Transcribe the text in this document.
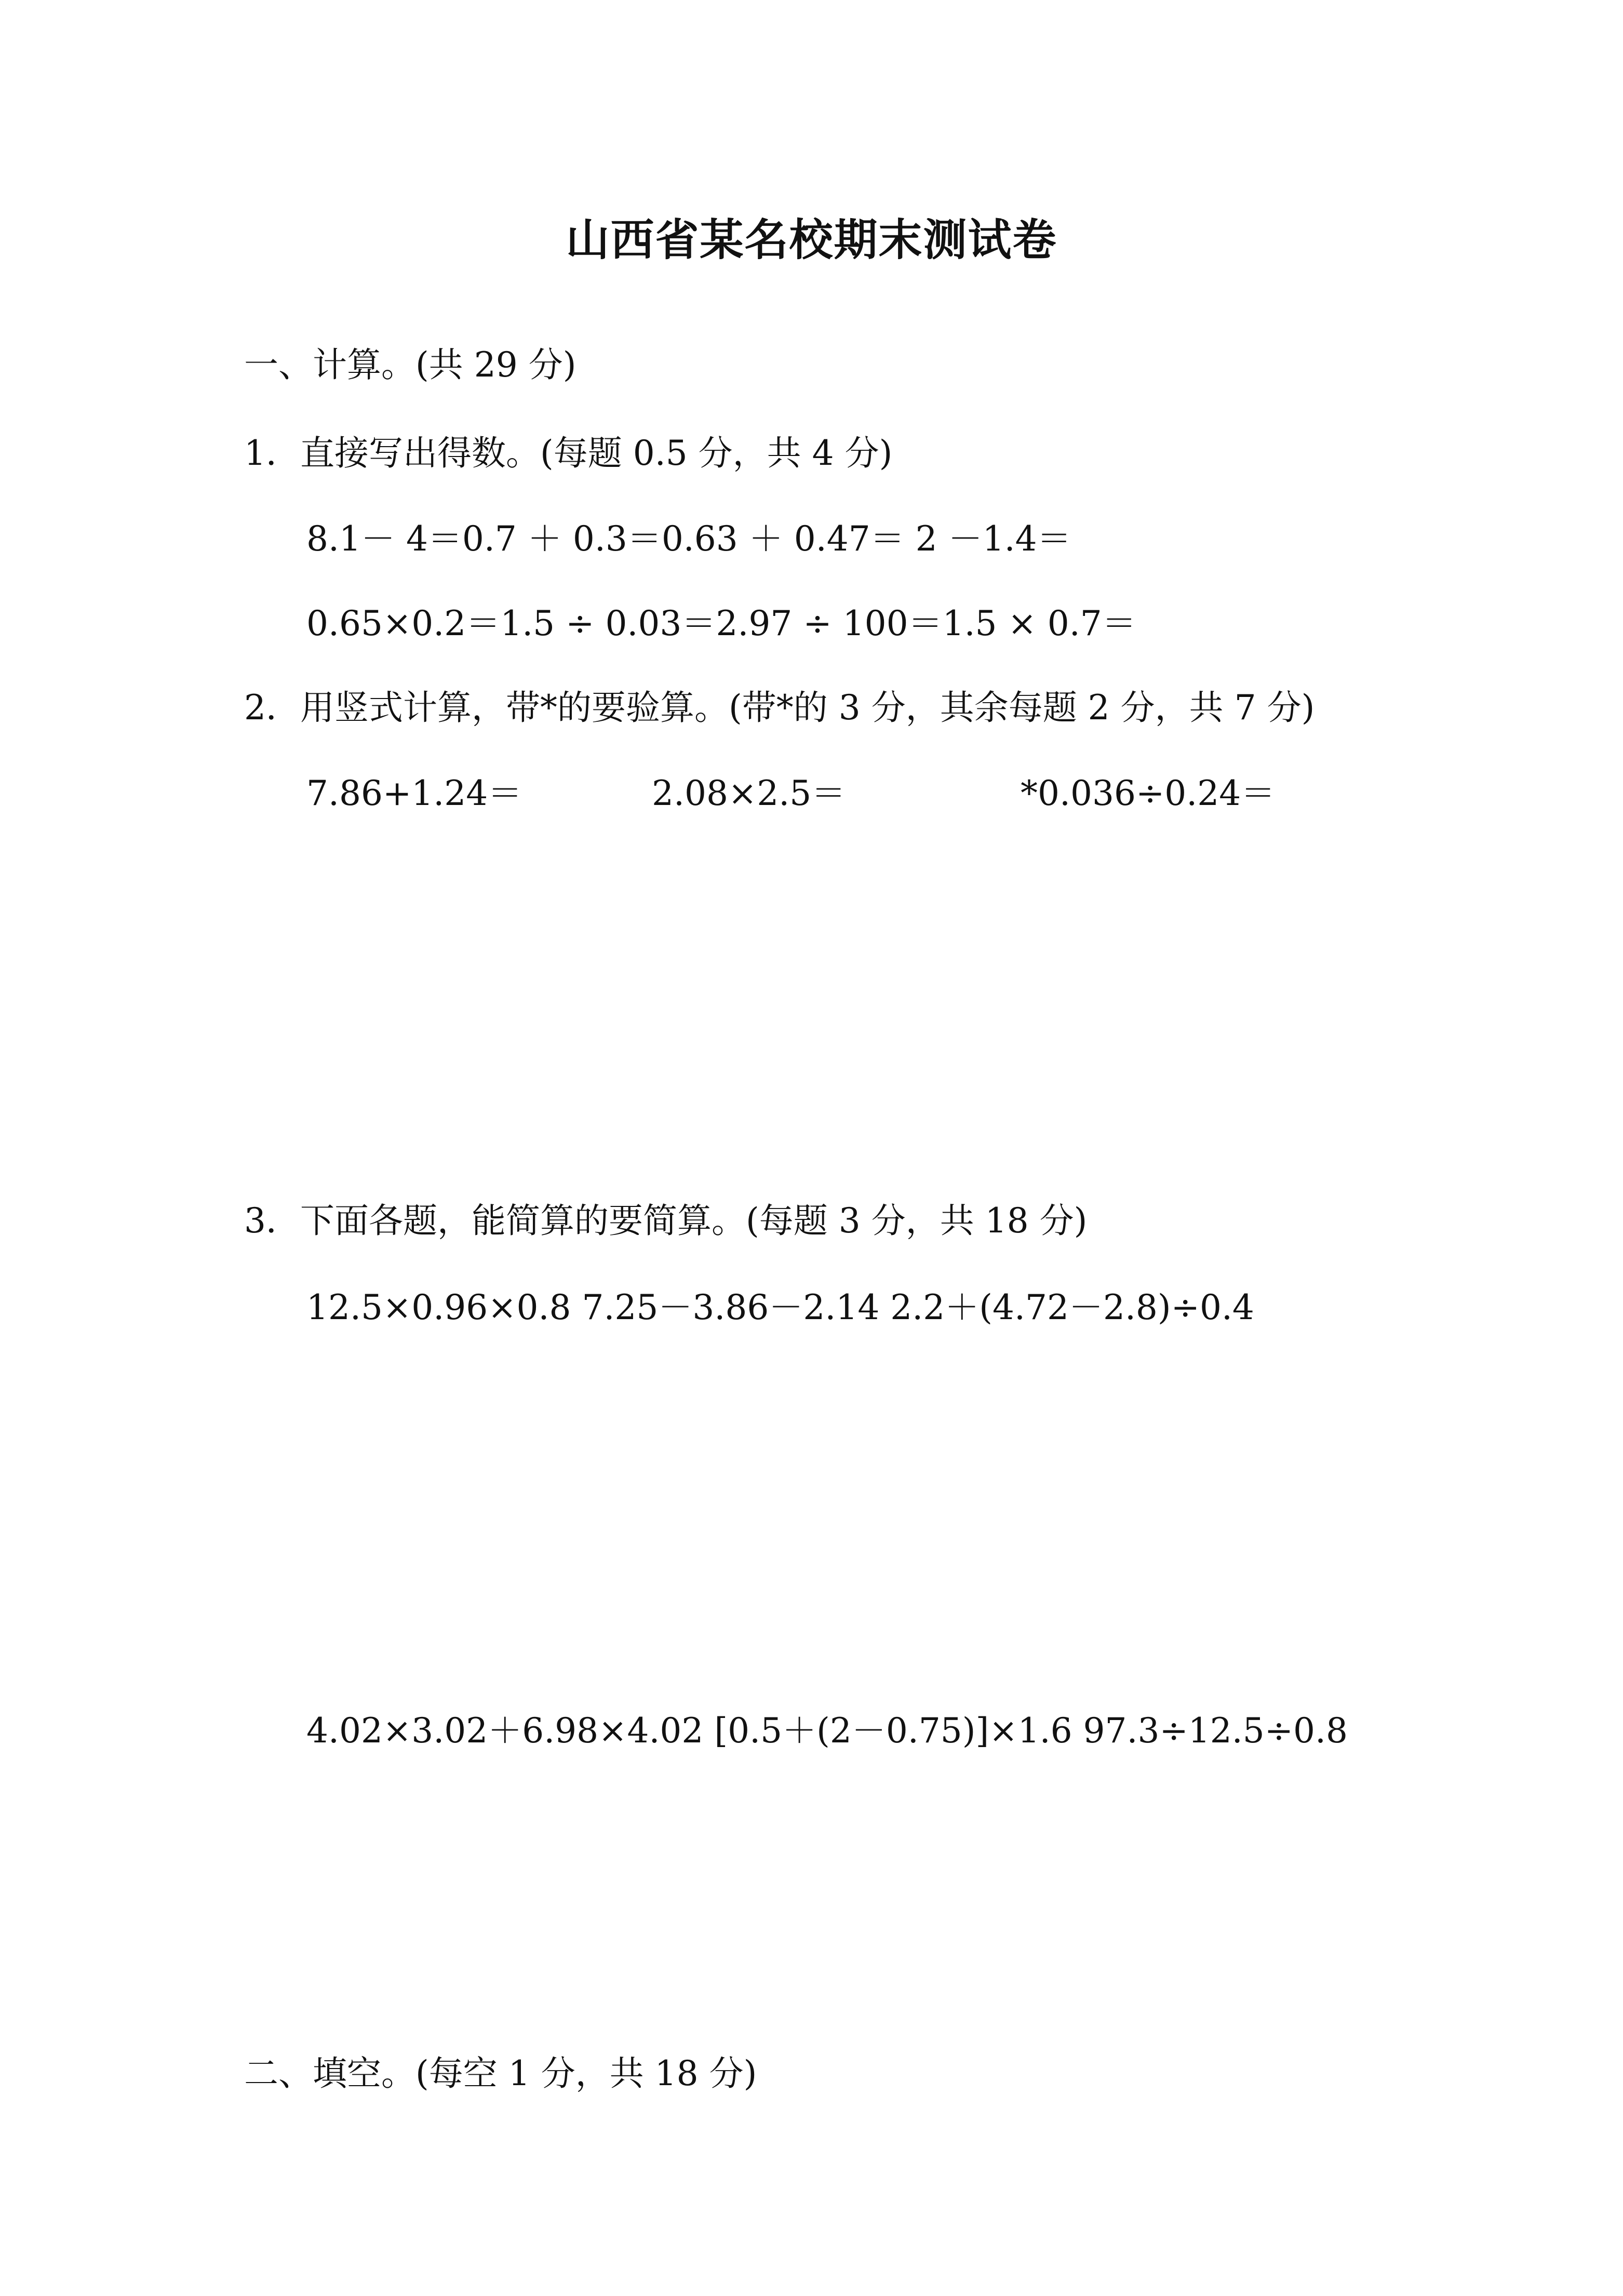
山西省某名校期末测试卷
一、计算。(共 29 分)
1．直接写出得数。(每题 0.5 分，共 4 分)
8.1－ 4＝0.7 ＋ 0.3＝0.63 ＋ 0.47＝ 2 －1.4＝
0.65×0.2＝1.5 ÷ 0.03＝2.97 ÷ 100＝1.5 × 0.7＝
2．用竖式计算，带*的要验算。(带*的 3 分，其余每题 2 分，共 7 分)
7.86+1.24＝	2.08×2.5＝	*0.036÷0.24＝
3．下面各题，能简算的要简算。(每题 3 分，共 18 分)
12.5×0.96×0.8 7.25－3.86－2.14 2.2＋(4.72－2.8)÷0.4
4.02×3.02＋6.98×4.02 [0.5＋(2－0.75)]×1.6 97.3÷12.5÷0.8
二、填空。(每空 1 分，共 18 分)
